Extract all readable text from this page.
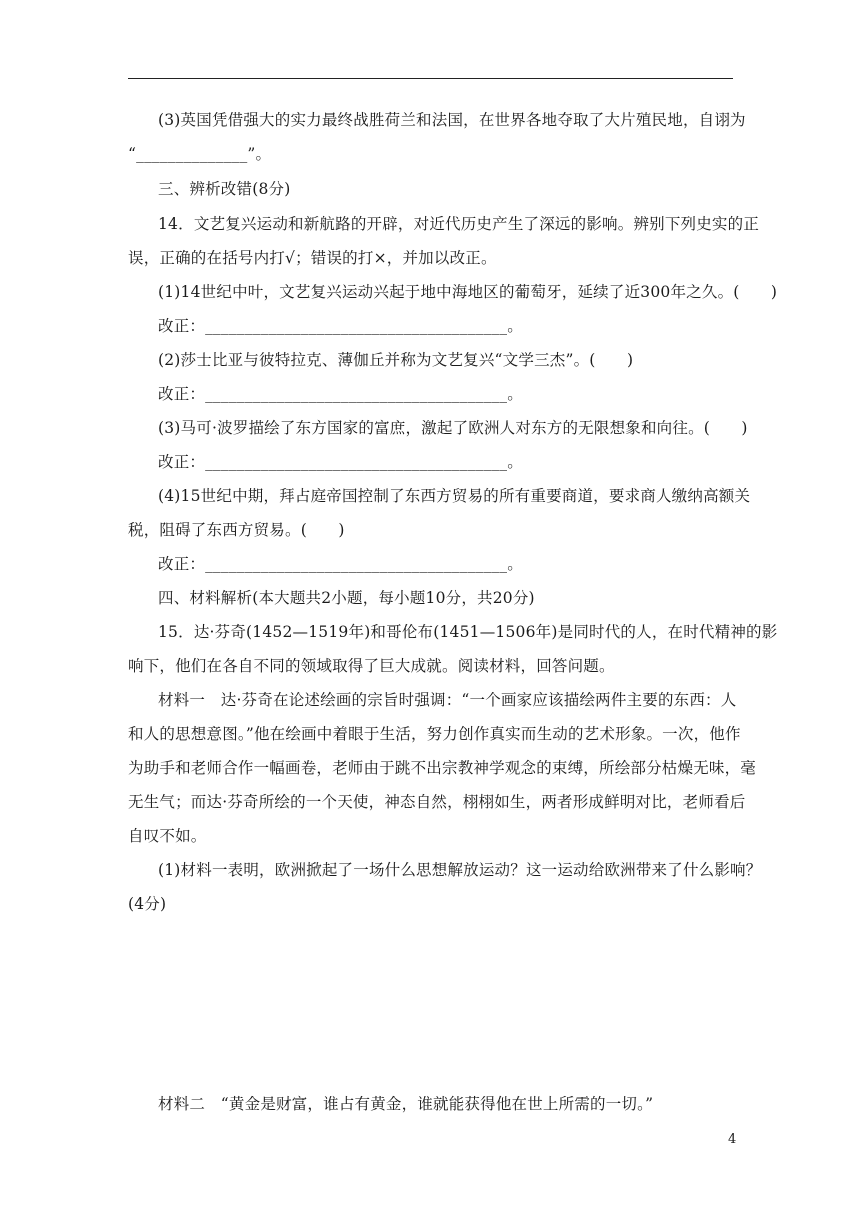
(3)英国凭借强大的实力最终战胜荷兰和法国，在世界各地夺取了大片殖民地，自诩为
“______________”。
三、辨析改错(8分)
14．文艺复兴运动和新航路的开辟，对近代历史产生了深远的影响。辨别下列史实的正
误，正确的在括号内打√；错误的打×，并加以改正。
(1)14世纪中叶，文艺复兴运动兴起于地中海地区的葡萄牙，延续了近300年之久。(　　)
改正：______________________________________。
(2)莎士比亚与彼特拉克、薄伽丘并称为文艺复兴“文学三杰”。(　　)
改正：______________________________________。
(3)马可·波罗描绘了东方国家的富庶，激起了欧洲人对东方的无限想象和向往。(　　)
改正：______________________________________。
(4)15世纪中期，拜占庭帝国控制了东西方贸易的所有重要商道，要求商人缴纳高额关
税，阻碍了东西方贸易。(　　)
改正：______________________________________。
四、材料解析(本大题共2小题，每小题10分，共20分)
15．达·芬奇(1452—1519年)和哥伦布(1451—1506年)是同时代的人，在时代精神的影
响下，他们在各自不同的领域取得了巨大成就。阅读材料，回答问题。
材料一　达·芬奇在论述绘画的宗旨时强调：“一个画家应该描绘两件主要的东西：人
和人的思想意图。”他在绘画中着眼于生活，努力创作真实而生动的艺术形象。一次，他作
为助手和老师合作一幅画卷，老师由于跳不出宗教神学观念的束缚，所绘部分枯燥无味，毫
无生气；而达·芬奇所绘的一个天使，神态自然，栩栩如生，两者形成鲜明对比，老师看后
自叹不如。
(1)材料一表明，欧洲掀起了一场什么思想解放运动？这一运动给欧洲带来了什么影响？
(4分)
材料二　“黄金是财富，谁占有黄金，谁就能获得他在世上所需的一切。”
4
